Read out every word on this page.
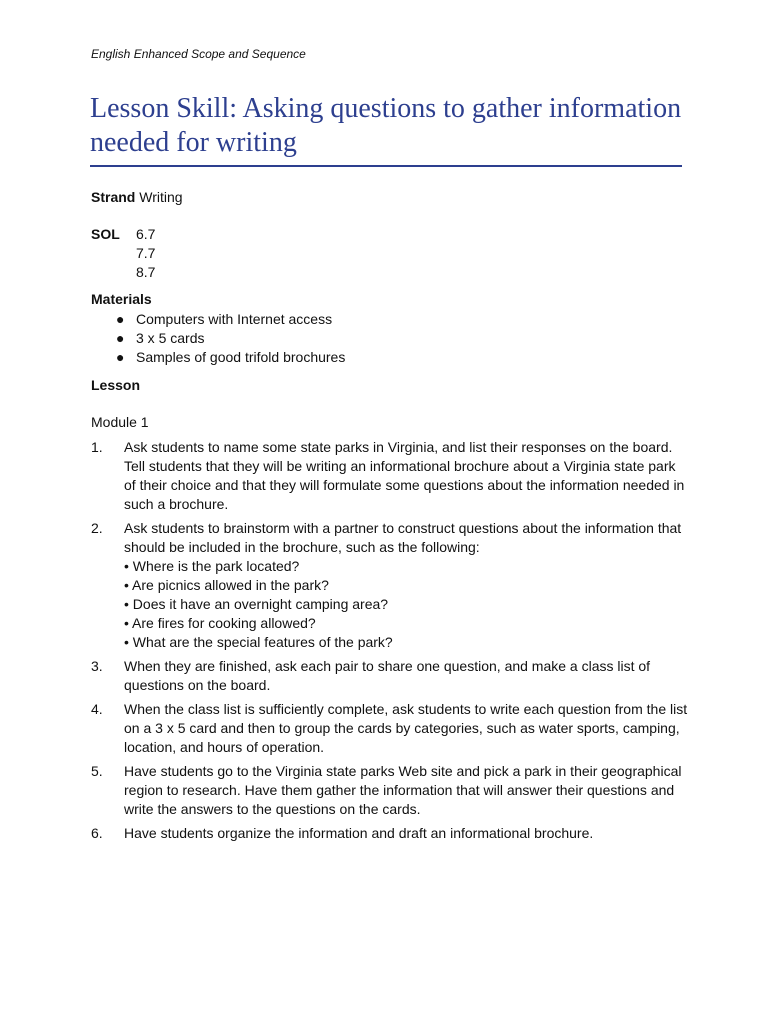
English Enhanced Scope and Sequence
Lesson Skill: Asking questions to gather information needed for writing
Strand Writing
SOL 6.7
7.7
8.7
Materials
● Computers with Internet access
● 3 x 5 cards
● Samples of good trifold brochures
Lesson
Module 1
1. Ask students to name some state parks in Virginia, and list their responses on the board. Tell students that they will be writing an informational brochure about a Virginia state park of their choice and that they will formulate some questions about the information needed in such a brochure.
2. Ask students to brainstorm with a partner to construct questions about the information that should be included in the brochure, such as the following:
• Where is the park located?
• Are picnics allowed in the park?
• Does it have an overnight camping area?
• Are fires for cooking allowed?
• What are the special features of the park?
3. When they are finished, ask each pair to share one question, and make a class list of questions on the board.
4. When the class list is sufficiently complete, ask students to write each question from the list on a 3 x 5 card and then to group the cards by categories, such as water sports, camping, location, and hours of operation.
5. Have students go to the Virginia state parks Web site and pick a park in their geographical region to research. Have them gather the information that will answer their questions and write the answers to the questions on the cards.
6. Have students organize the information and draft an informational brochure.
